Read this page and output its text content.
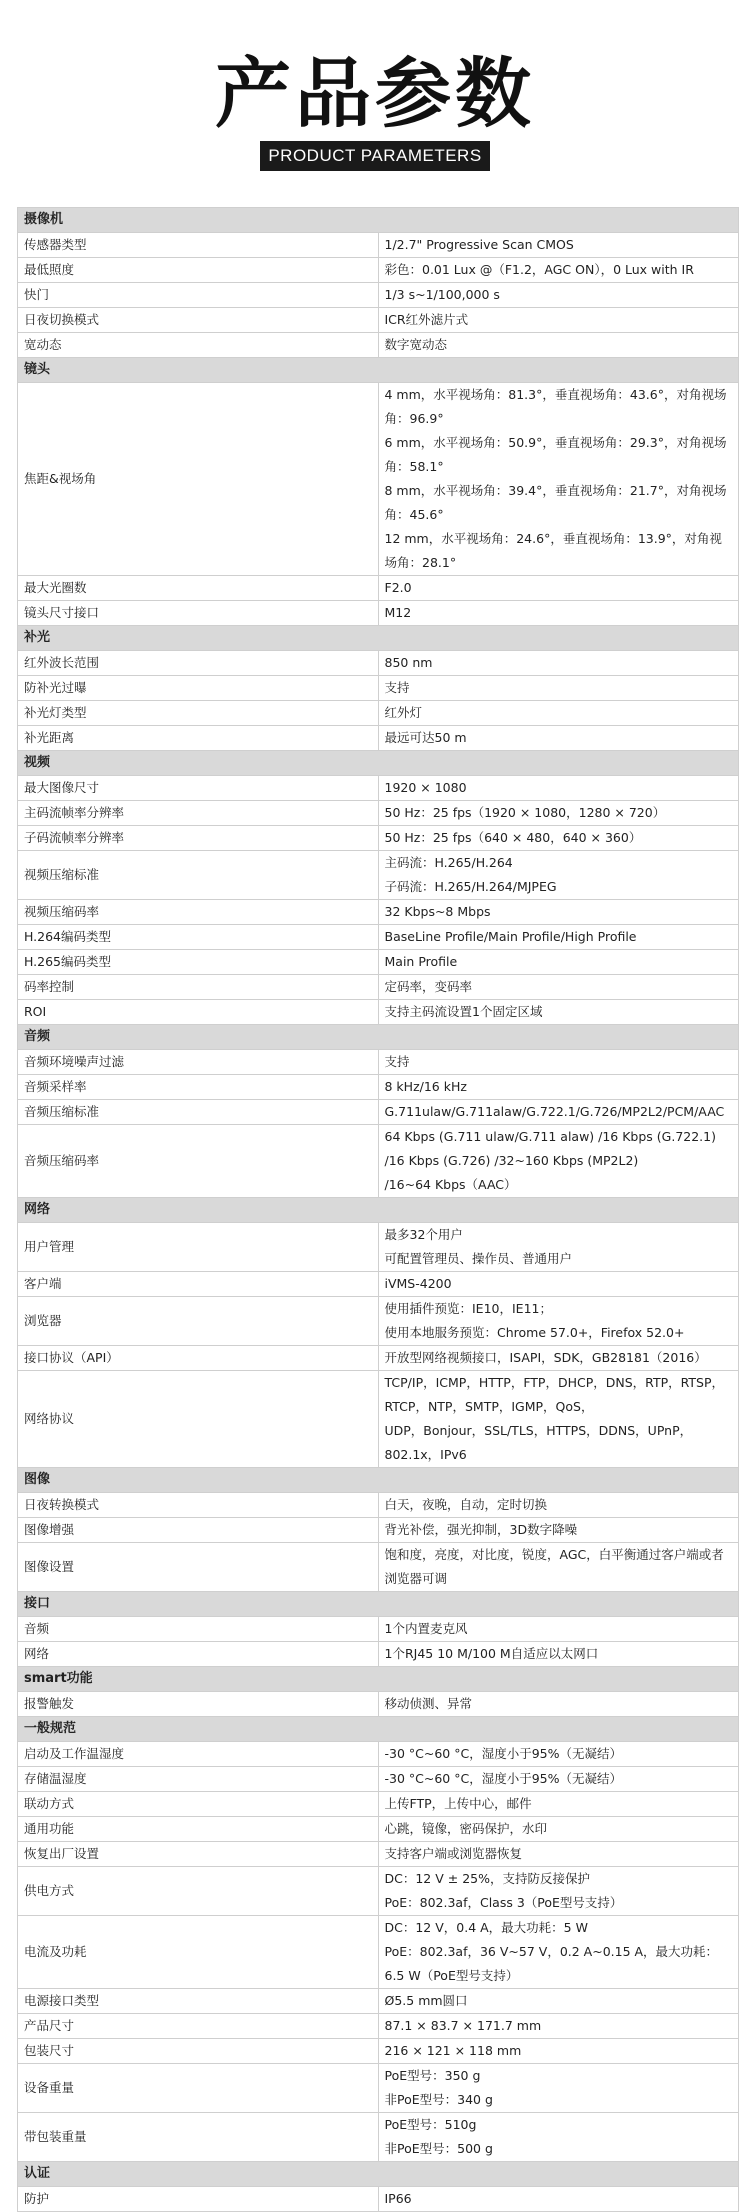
产品参数
PRODUCT PARAMETERS
摄像机	
传感器类型	1/2.7" Progressive Scan CMOS

最低照度	彩色：0.01 Lux @（F1.2，AGC ON），0 Lux with IR

快门	1/3 s~1/100,000 s

日夜切换模式	ICR红外滤片式

宽动态	数字宽动态

镜头	
焦距&视场角	4 mm，水平视场角：81.3°，垂直视场角：43.6°，对角视场角：96.9°
6 mm，水平视场角：50.9°，垂直视场角：29.3°，对角视场角：58.1°
8 mm，水平视场角：39.4°，垂直视场角：21.7°，对角视场角：45.6°
12 mm，水平视场角：24.6°，垂直视场角：13.9°，对角视场角：28.1°

最大光圈数	F2.0

镜头尺寸接口	M12

补光	
红外波长范围	850 nm

防补光过曝	支持

补光灯类型	红外灯

补光距离	最远可达50 m

视频	
最大图像尺寸	1920 × 1080

主码流帧率分辨率	50 Hz：25 fps（1920 × 1080，1280 × 720）

子码流帧率分辨率	50 Hz：25 fps（640 × 480，640 × 360）

视频压缩标准	主码流：H.265/H.264
子码流：H.265/H.264/MJPEG

视频压缩码率	32 Kbps~8 Mbps

H.264编码类型	BaseLine Profile/Main Profile/High Profile

H.265编码类型	Main Profile

码率控制	定码率，变码率

ROI	支持主码流设置1个固定区域

音频	
音频环境噪声过滤	支持

音频采样率	8 kHz/16 kHz

音频压缩标准	G.711ulaw/G.711alaw/G.722.1/G.726/MP2L2/PCM/AAC

音频压缩码率	64 Kbps (G.711 ulaw/G.711 alaw) /16 Kbps (G.722.1) /16 Kbps (G.726) /32~160 Kbps (MP2L2)
/16~64 Kbps（AAC）

网络	
用户管理	最多32个用户
可配置管理员、操作员、普通用户

客户端	iVMS-4200

浏览器	使用插件预览：IE10，IE11；
使用本地服务预览：Chrome 57.0+，Firefox 52.0+

接口协议（API）	开放型网络视频接口，ISAPI，SDK，GB28181（2016）

网络协议	TCP/IP，ICMP，HTTP，FTP，DHCP，DNS，RTP，RTSP，RTCP，NTP，SMTP，IGMP，QoS，
UDP，Bonjour，SSL/TLS，HTTPS，DDNS，UPnP，802.1x，IPv6

图像	
日夜转换模式	白天，夜晚，自动，定时切换

图像增强	背光补偿，强光抑制，3D数字降噪

图像设置	饱和度，亮度，对比度，锐度，AGC，白平衡通过客户端或者浏览器可调

接口	
音频	1个内置麦克风

网络	1个RJ45 10 M/100 M自适应以太网口

smart功能	
报警触发	移动侦测、异常

一般规范	
启动及工作温湿度	-30 °C~60 °C，湿度小于95%（无凝结）

存储温湿度	-30 °C~60 °C，湿度小于95%（无凝结）

联动方式	上传FTP，上传中心，邮件

通用功能	心跳，镜像，密码保护，水印

恢复出厂设置	支持客户端或浏览器恢复

供电方式	DC：12 V ± 25%，支持防反接保护
PoE：802.3af，Class 3（PoE型号支持）

电流及功耗	DC：12 V，0.4 A，最大功耗：5 W
PoE：802.3af，36 V~57 V，0.2 A~0.15 A，最大功耗：6.5 W（PoE型号支持）

电源接口类型	Ø5.5 mm圆口

产品尺寸	87.1 × 83.7 × 171.7 mm

包装尺寸	216 × 121 × 118 mm

设备重量	PoE型号：350 g
非PoE型号：340 g

带包装重量	PoE型号：510g
非PoE型号：500 g

认证	
防护	IP66
